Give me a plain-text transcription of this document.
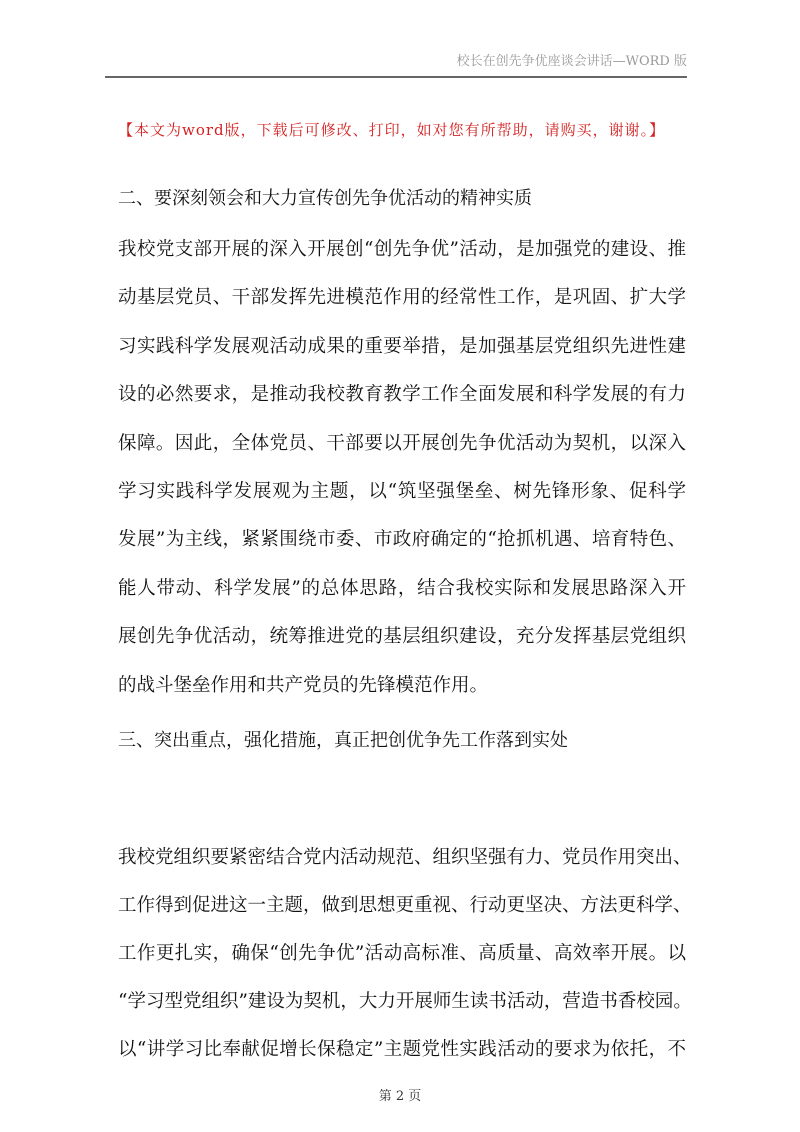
校长在创先争优座谈会讲话—WORD 版
【本文为word版，下载后可修改、打印，如对您有所帮助，请购买，谢谢。】
二、要深刻领会和大力宣传创先争优活动的精神实质
我校党支部开展的深入开展创“创先争优”活动，是加强党的建设、推
动基层党员、干部发挥先进模范作用的经常性工作，是巩固、扩大学
习实践科学发展观活动成果的重要举措，是加强基层党组织先进性建
设的必然要求，是推动我校教育教学工作全面发展和科学发展的有力
保障。因此，全体党员、干部要以开展创先争优活动为契机，以深入
学习实践科学发展观为主题，以“筑坚强堡垒、树先锋形象、促科学
发展”为主线，紧紧围绕市委、市政府确定的“抢抓机遇、培育特色、
能人带动、科学发展”的总体思路，结合我校实际和发展思路深入开
展创先争优活动，统筹推进党的基层组织建设，充分发挥基层党组织
的战斗堡垒作用和共产党员的先锋模范作用。
三、突出重点，强化措施，真正把创优争先工作落到实处
我校党组织要紧密结合党内活动规范、组织坚强有力、党员作用突出、
工作得到促进这一主题，做到思想更重视、行动更坚决、方法更科学、
工作更扎实，确保“创先争优”活动高标准、高质量、高效率开展。以
“学习型党组织”建设为契机，大力开展师生读书活动，营造书香校园。
以“讲学习比奉献促增长保稳定”主题党性实践活动的要求为依托，不
第 2 页
